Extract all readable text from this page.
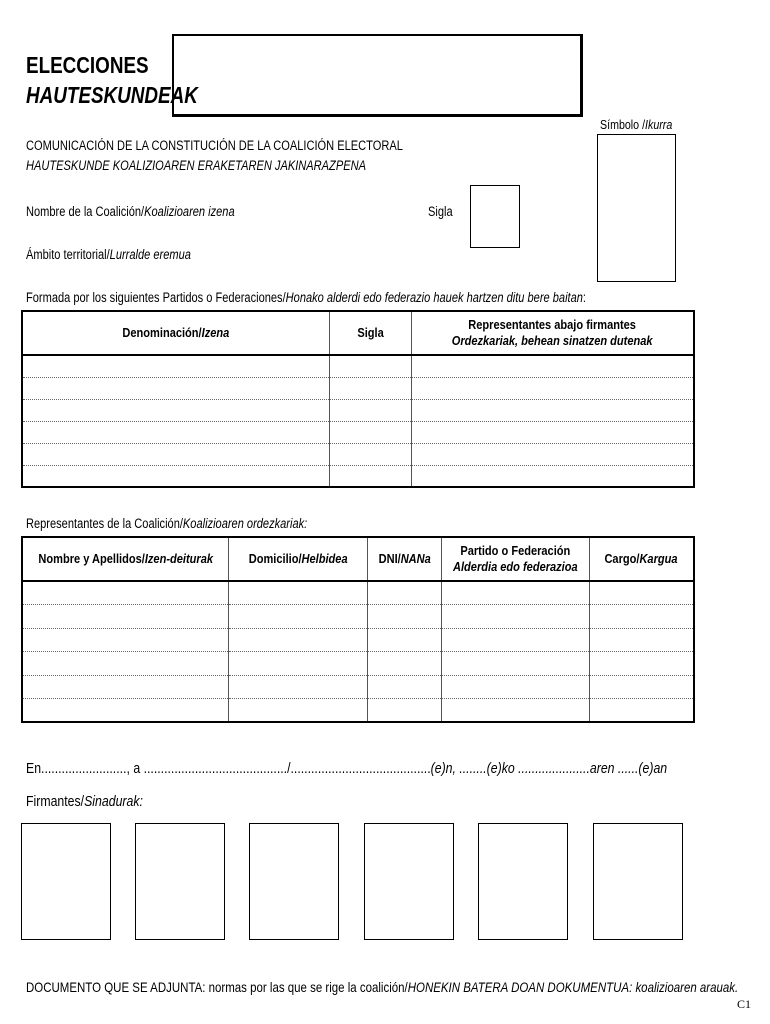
ELECCIONES
HAUTESKUNDEAK
Símbolo /Ikurra
COMUNICACIÓN DE LA CONSTITUCIÓN DE LA COALICIÓN ELECTORAL
HAUTESKUNDE KOALIZIOAREN ERAKETAREN JAKINARAZPENA
Nombre de la Coalición/Koalizioaren izena	Sigla
Ámbito territorial/Lurralde eremua
Formada por los siguientes Partidos o Federaciones/Honako alderdi edo federazio hauek hartzen ditu bere baitan:
Denominación/Izena	Sigla	Representantes abajo firmantes
Ordezkariak, behean sinatzen dutenak

Representantes de la Coalición/Koalizioaren ordezkariak:
Nombre y Apellidos/Izen-deiturak	Domicilio/Helbidea	DNI/NANa	Partido o Federación
Alderdia edo federazioa	Cargo/Kargua

En........................., a ........................................../.........................................(e)n, ........(e)ko .....................aren ......(e)an
Firmantes/Sinadurak:
DOCUMENTO QUE SE ADJUNTA: normas por las que se rige la coalición/HONEKIN BATERA DOAN DOKUMENTUA: koalizioaren arauak.
C1
